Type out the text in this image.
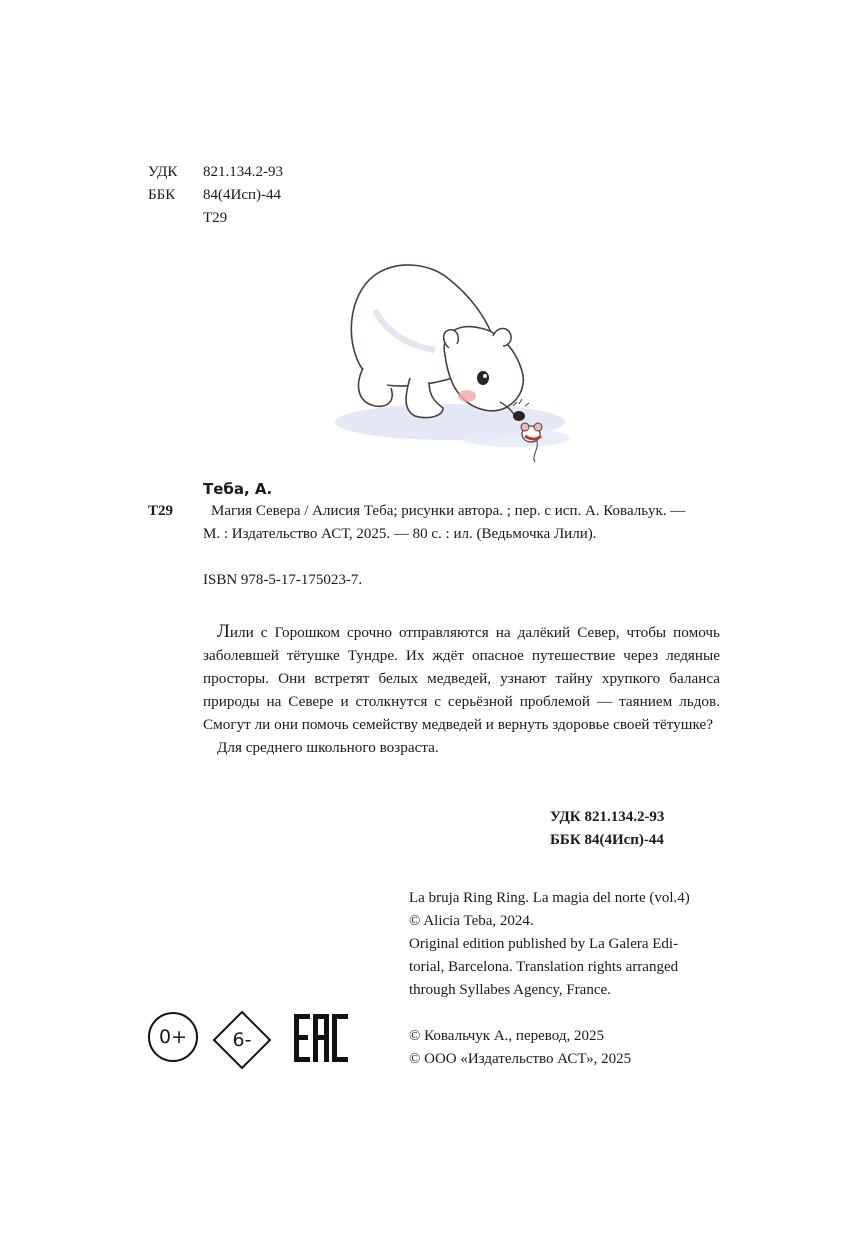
УДК 821.134.2-93
ББК 84(4Исп)-44
Т29
Теба, А.
Т29	Магия Севера / Алисия Теба; рисунки автора. ; пер. с исп. А. Ковальук. —
М. : Издательство АСТ, 2025. — 80 с. : ил. (Ведьмочка Лили).
ISBN 978-5-17-175023-7.

Лили с Горошком срочно отправляются на далёкий Север, чтобы помочь заболевшей тётушке Тундре. Их ждёт опасное путешествие через ледяные просторы. Они встретят белых медведей, узнают тайну хрупкого баланса природы на Севере и столкнутся с серьёзной проблемой — таянием льдов. Смогут ли они помочь семейству медведей и вернуть здоровье своей тётушке?

Для среднего школьного возраста.

УДК 821.134.2-93
ББК 84(4Исп)-44
La bruja Ring Ring. La magia del norte (vol.4)
© Alicia Teba, 2024.
Original edition published by La Galera Edi-
torial, Barcelona. Translation rights arranged
through Syllabes Agency, France.
© Ковальчук А., перевод, 2025
© ООО «Издательство АСТ», 2025
0+	6-
